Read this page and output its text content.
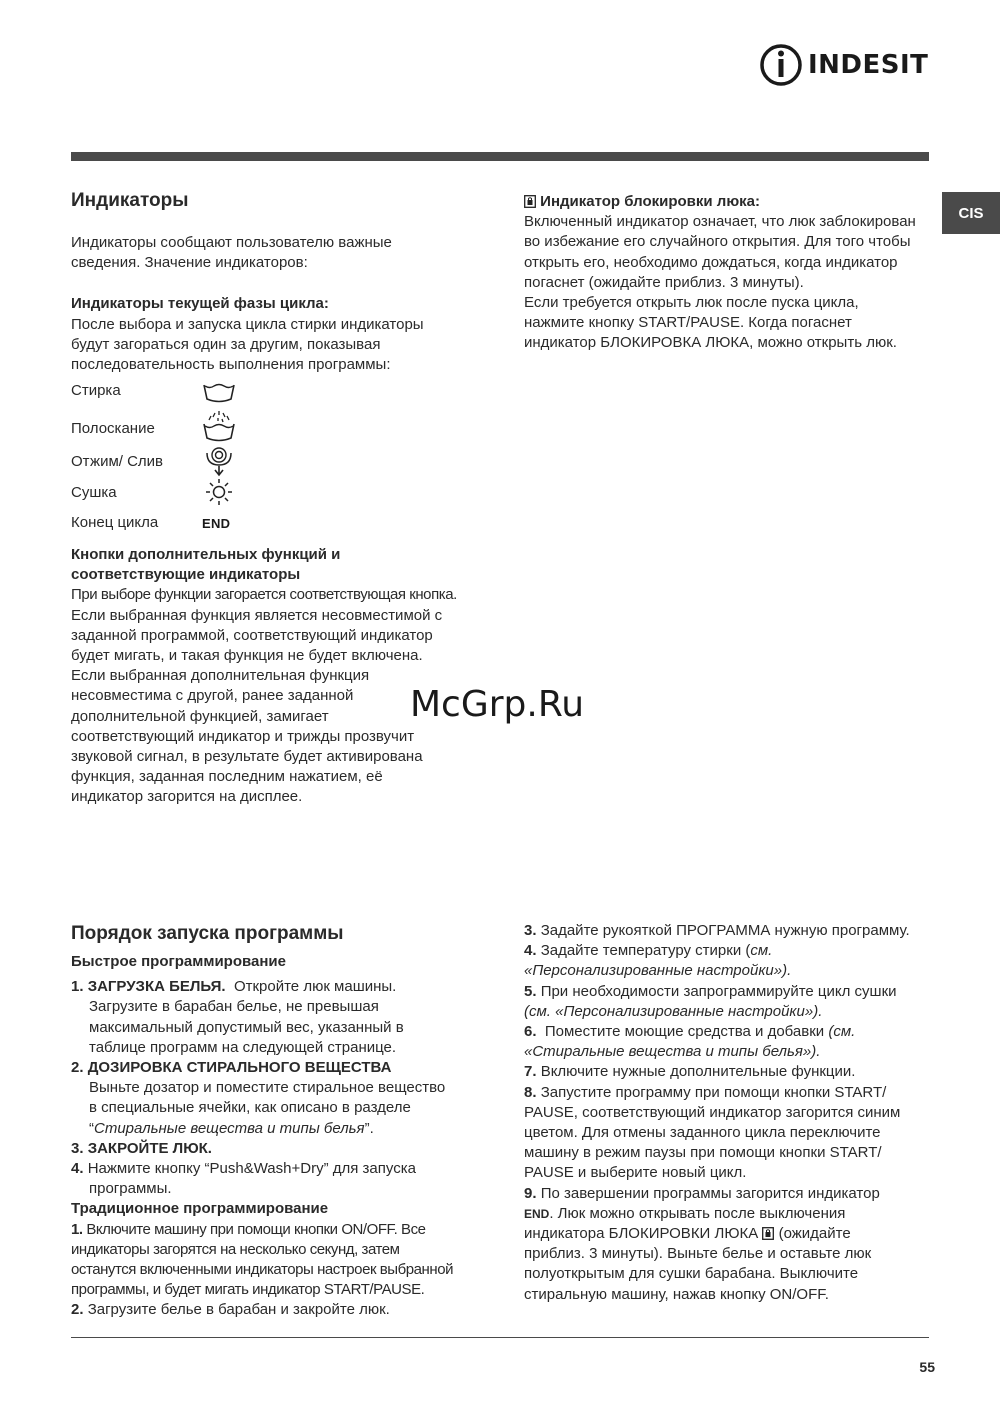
INDESIT
CIS
Индикаторы

Индикаторы сообщают пользователю важные

сведения. Значение индикаторов:

Индикаторы текущей фазы цикла:

После выбора и запуска цикла стирки индикаторы

будут загораться один за другим, показывая

последовательность выполнения программы:

Стирка
Полоскание
Отжим/ Слив
Сушка
Конец цикла	END

Кнопки дополнительных функций и

соответствующие индикаторы

При выборе функции загорается соответствующая кнопка.

Если выбранная функция является несовместимой с

заданной программой, соответствующий индикатор

будет мигать, и такая функция не будет включена.

Если выбранная дополнительная функция

несовместима с другой, ранее заданной

дополнительной функцией, замигает

соответствующий индикатор и трижды прозвучит

звуковой сигнал, в результате будет активирована

функция, заданная последним нажатием, её

индикатор загорится на дисплее.

Индикатор блокировки люка:

Включенный индикатор означает, что люк заблокирован

во избежание его случайного открытия. Для того чтобы

открыть его, необходимо дождаться, когда индикатор

погаснет (ожидайте приблиз. 3 минуты).

Если требуется открыть люк после пуска цикла,

нажмите кнопку START/PAUSE. Когда погаснет

индикатор БЛОКИРОВКА ЛЮКА, можно открыть люк.

McGrp.Ru
Порядок запуска программы

Быстрое программирование

1. ЗАГРУЗКА БЕЛЬЯ. Откройте люк машины.

Загрузите в барабан белье, не превышая

максимальный допустимый вес, указанный в

таблице программ на следующей странице.

2. ДОЗИРОВКА СТИРАЛЬНОГО ВЕЩЕСТВА

Выньте дозатор и поместите стиральное вещество

в специальные ячейки, как описано в разделе

“Стиральные вещества и типы белья”.

3. ЗАКРОЙТЕ ЛЮК.

4. Нажмите кнопку “Push&Wash+Dry” для запуска

программы.

Традиционное программирование

1. Включите машину при помощи кнопки ON/OFF. Все

индикаторы загорятся на несколько секунд, затем

останутся включенными индикаторы настроек выбранной

программы, и будет мигать индикатор START/PAUSE.

2. Загрузите белье в барабан и закройте люк.

3. Задайте рукояткой ПРОГРАММА нужную программу.

4. Задайте температуру стирки (см.

«Персонализированные настройки»).

5. При необходимости запрограммируйте цикл сушки

(см. «Персонализированные настройки»).

6. Поместите моющие средства и добавки (см.

«Стиральные вещества и типы белья»).

7. Включите нужные дополнительные функции.

8. Запустите программу при помощи кнопки START/

PAUSE, соответствующий индикатор загорится синим

цветом. Для отмены заданного цикла переключите

машину в режим паузы при помощи кнопки START/

PAUSE и выберите новый цикл.

9. По завершении программы загорится индикатор

END. Люк можно открывать после выключения

индикатора БЛОКИРОВКИ ЛЮКА (ожидайте

приблиз. 3 минуты). Выньте белье и оставьте люк

полуоткрытым для сушки барабана. Выключите

стиральную машину, нажав кнопку ON/OFF.

55
